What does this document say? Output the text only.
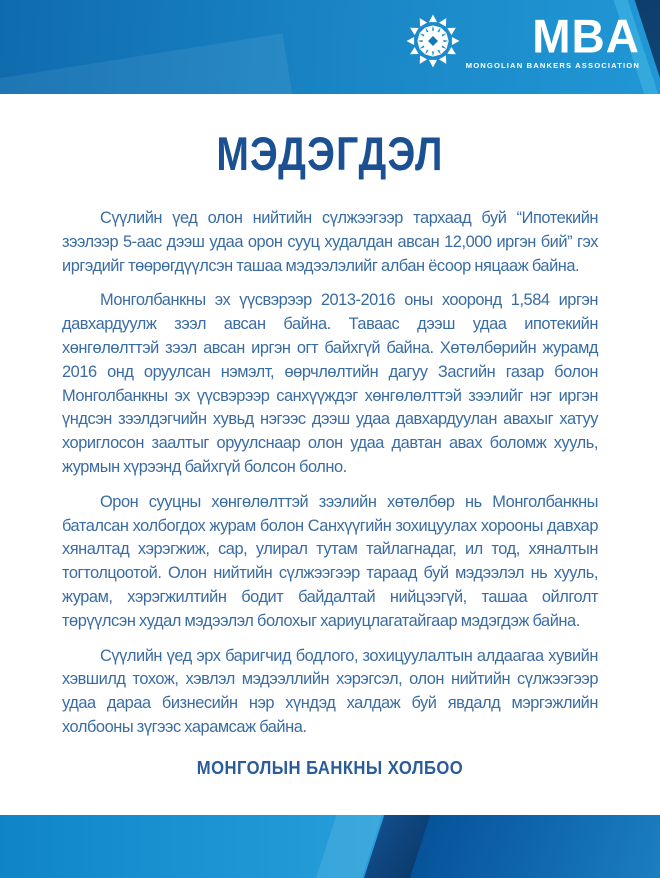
MBA
MONGOLIAN BANKERS ASSOCIATION
МЭДЭГДЭЛ

Сүүлийн үед олон нийтийн сүлжээгээр тархаад буй “Ипотекийн зээлээр 5-аас дээш удаа орон сууц худалдан авсан 12,000 иргэн бий” гэх иргэдийг төөрөгдүүлсэн ташаа мэдээлэлийг албан ёсоор няцааж байна.

Монголбанкны эх үүсвэрээр 2013-2016 оны хооронд 1,584 иргэн давхардуулж зээл авсан байна. Таваас дээш удаа ипотекийн хөнгөлөлттэй зээл авсан иргэн огт байхгүй байна. Хөтөлбөрийн журамд 2016 онд оруулсан нэмэлт, өөрчлөлтийн дагуу Засгийн газар болон Монголбанкны эх үүсвэрээр санхүүждэг хөнгөлөлттэй зээлийг нэг иргэн үндсэн зээлдэгчийн хувьд нэгээс дээш удаа давхардуулан авахыг хатуу хориглосон заалтыг оруулснаар олон удаа давтан авах боломж хууль, журмын хүрээнд байхгүй болсон болно.

Орон сууцны хөнгөлөлттэй зээлийн хөтөлбөр нь Монголбанкны баталсан холбогдох журам болон Санхүүгийн зохицуулах хорооны давхар хяналтад хэрэгжиж, сар, улирал тутам тайлагнадаг, ил тод, хяналтын тогтолцоотой. Олон нийтийн сүлжээгээр тараад буй мэдээлэл нь хууль, журам, хэрэгжилтийн бодит байдалтай нийцээгүй, ташаа ойлголт төрүүлсэн худал мэдээлэл болохыг хариуцлагатайгаар мэдэгдэж байна.

Сүүлийн үед эрх баригчид бодлого, зохицуулалтын алдаагаа хувийн хэвшилд тохож, хэвлэл мэдээллийн хэрэгсэл, олон нийтийн сүлжээгээр удаа дараа бизнесийн нэр хүндэд халдаж буй явдалд мэргэжлийн холбооны зүгээс харамсаж байна.

МОНГОЛЫН БАНКНЫ ХОЛБОО
